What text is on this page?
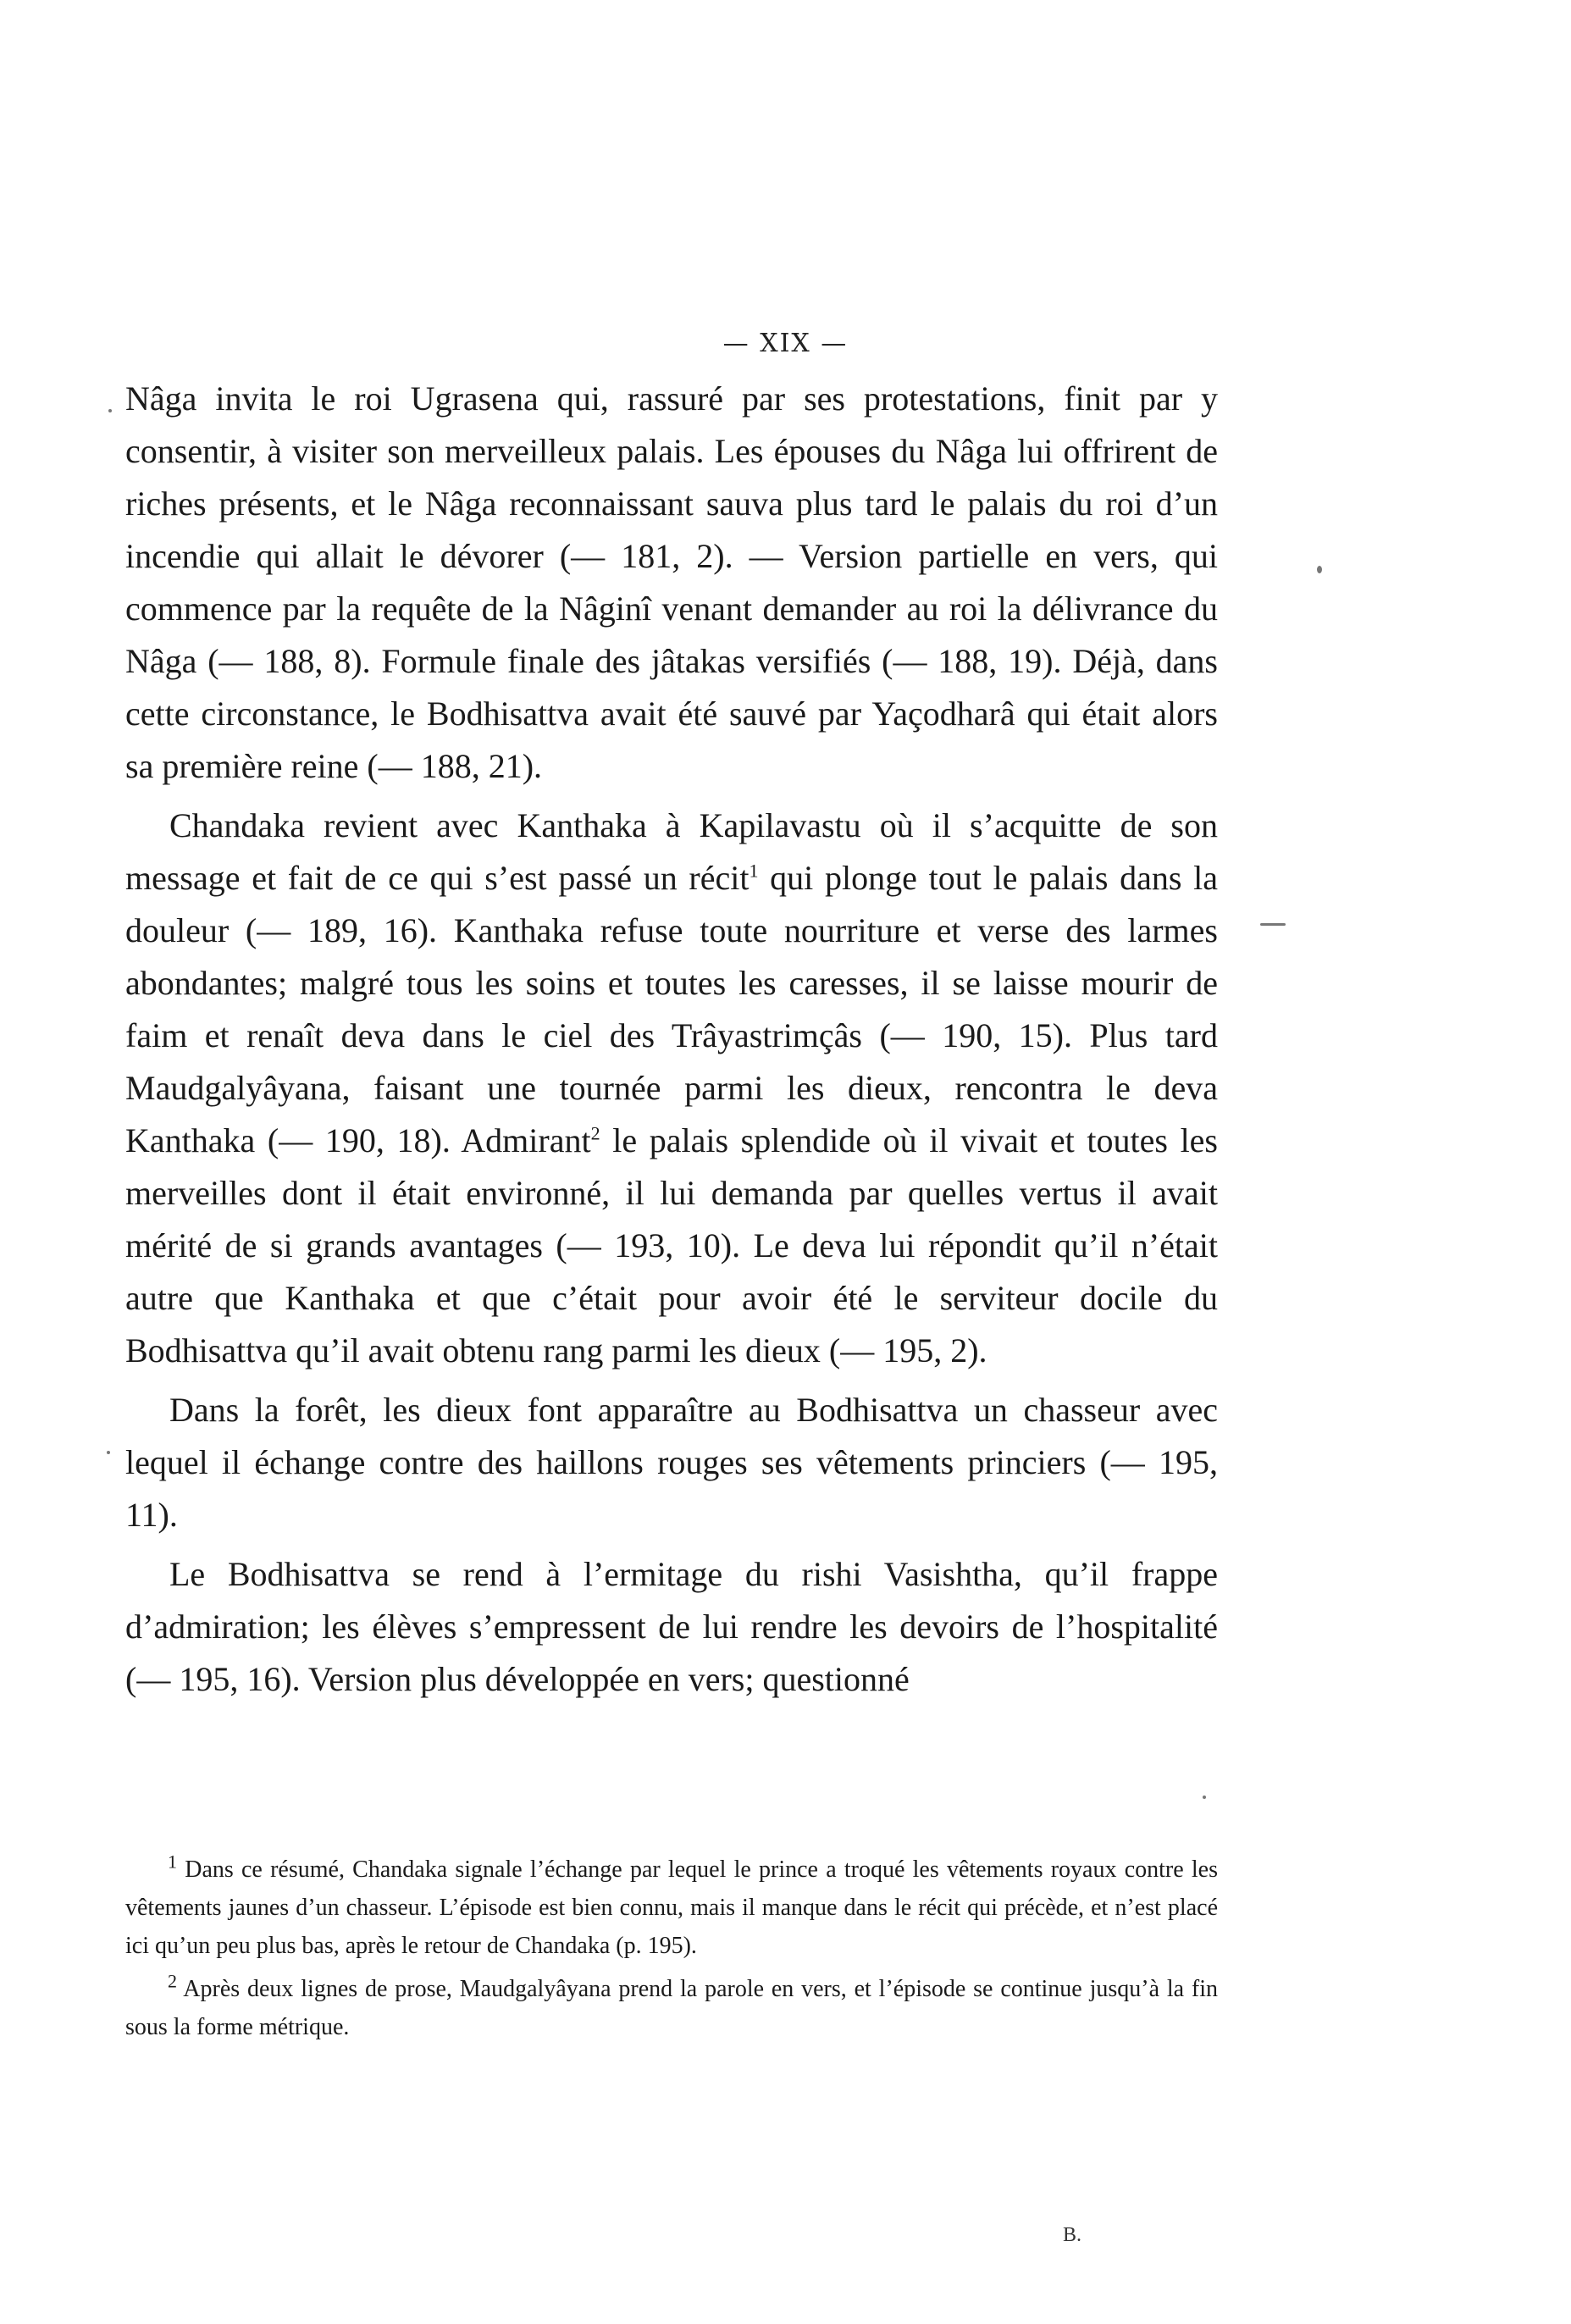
— XIX —

Nâga invita le roi Ugrasena qui, rassuré par ses protestations, finit par y consentir, à visiter son merveilleux palais. Les épouses du Nâga lui offrirent de riches présents, et le Nâga reconnaissant sauva plus tard le palais du roi d’un incendie qui allait le dévorer (— 181, 2). — Version partielle en vers, qui commence par la requête de la Nâginî venant demander au roi la délivrance du Nâga (— 188, 8). Formule finale des jâtakas versifiés (— 188, 19). Déjà, dans cette circonstance, le Bodhisattva avait été sauvé par Yaçodharâ qui était alors sa première reine (— 188, 21).

Chandaka revient avec Kanthaka à Kapilavastu où il s’acquitte de son message et fait de ce qui s’est passé un récit$^1$ qui plonge tout le palais dans la douleur (— 189, 16). Kanthaka refuse toute nourriture et verse des larmes abondantes; malgré tous les soins et toutes les caresses, il se laisse mourir de faim et renaît deva dans le ciel des Trâyastrimçâs (— 190, 15). Plus tard Maudgalyâyana, faisant une tournée parmi les dieux, rencontra le deva Kanthaka (— 190, 18). Admirant$^2$ le palais splendide où il vivait et toutes les merveilles dont il était environné, il lui demanda par quelles vertus il avait mérité de si grands avantages (— 193, 10). Le deva lui répondit qu’il n’était autre que Kanthaka et que c’était pour avoir été le serviteur docile du Bodhisattva qu’il avait obtenu rang parmi les dieux (— 195, 2).

Dans la forêt, les dieux font apparaître au Bodhisattva un chasseur avec lequel il échange contre des haillons rouges ses vêtements princiers (— 195, 11).

Le Bodhisattva se rend à l’ermitage du rishi Vasishtha, qu’il frappe d’admiration; les élèves s’empressent de lui rendre les devoirs de l’hospitalité (— 195, 16). Version plus développée en vers; questionné

$^1$ Dans ce résumé, Chandaka signale l’échange par lequel le prince a troqué les vêtements royaux contre les vêtements jaunes d’un chasseur. L’épisode est bien connu, mais il manque dans le récit qui précède, et n’est placé ici qu’un peu plus bas, après le retour de Chandaka (p. 195).

$^2$ Après deux lignes de prose, Maudgalyâyana prend la parole en vers, et l’épisode se continue jusqu’à la fin sous la forme métrique.

B.
